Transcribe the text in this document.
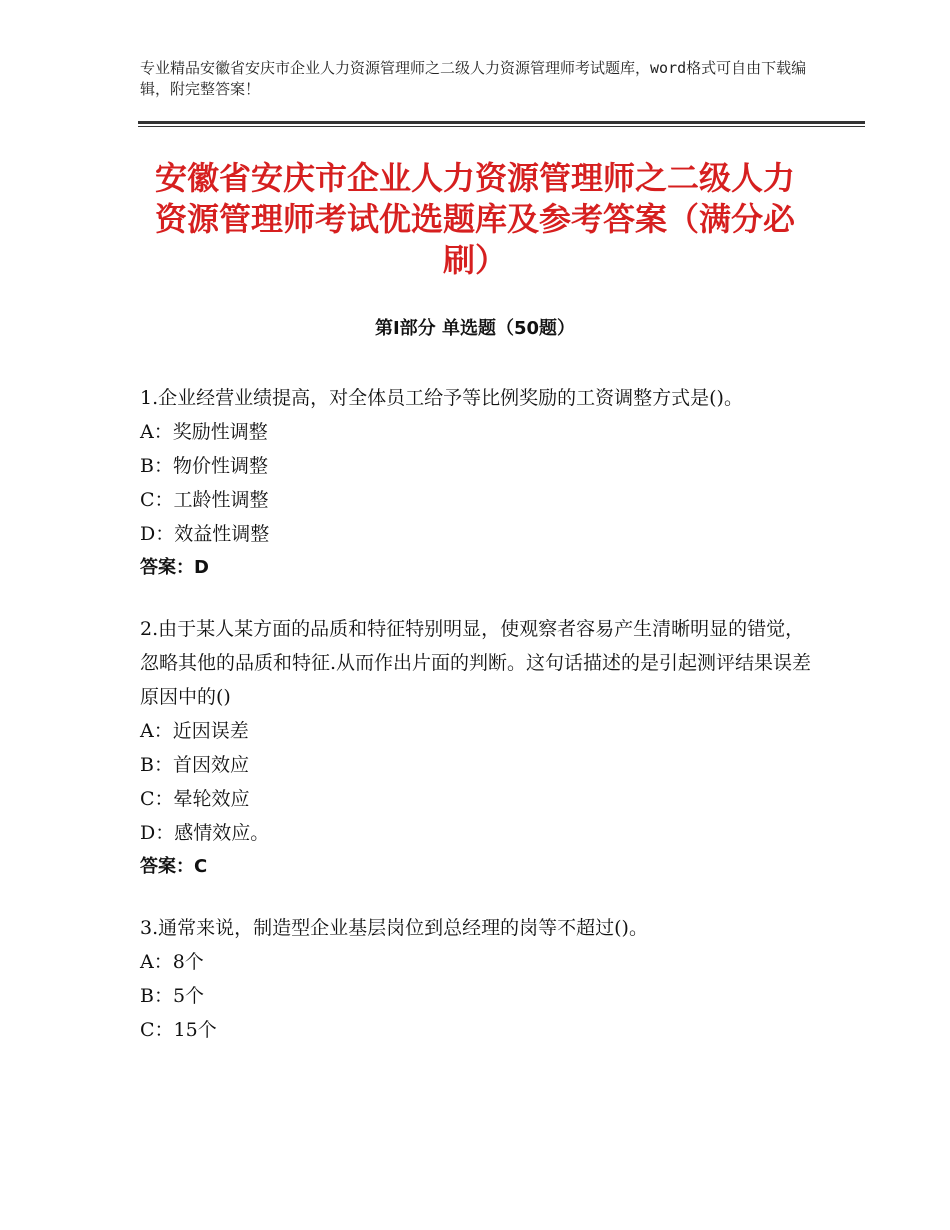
专业精品安徽省安庆市企业人力资源管理师之二级人力资源管理师考试题库，word格式可自由下载编辑，附完整答案！

安徽省安庆市企业人力资源管理师之二级人力资源管理师考试优选题库及参考答案（满分必刷）
第Ⅰ部分 单选题（50题）

1.企业经营业绩提高，对全体员工给予等比例奖励的工资调整方式是()。

A：奖励性调整

B：物价性调整

C：工龄性调整

D：效益性调整

答案：D

2.由于某人某方面的品质和特征特别明显，使观察者容易产生清晰明显的错觉，忽略其他的品质和特征.从而作出片面的判断。这句话描述的是引起测评结果误差原因中的()

A：近因误差

B：首因效应

C：晕轮效应

D：感情效应。

答案：C

3.通常来说，制造型企业基层岗位到总经理的岗等不超过()。

A：8个

B：5个

C：15个
